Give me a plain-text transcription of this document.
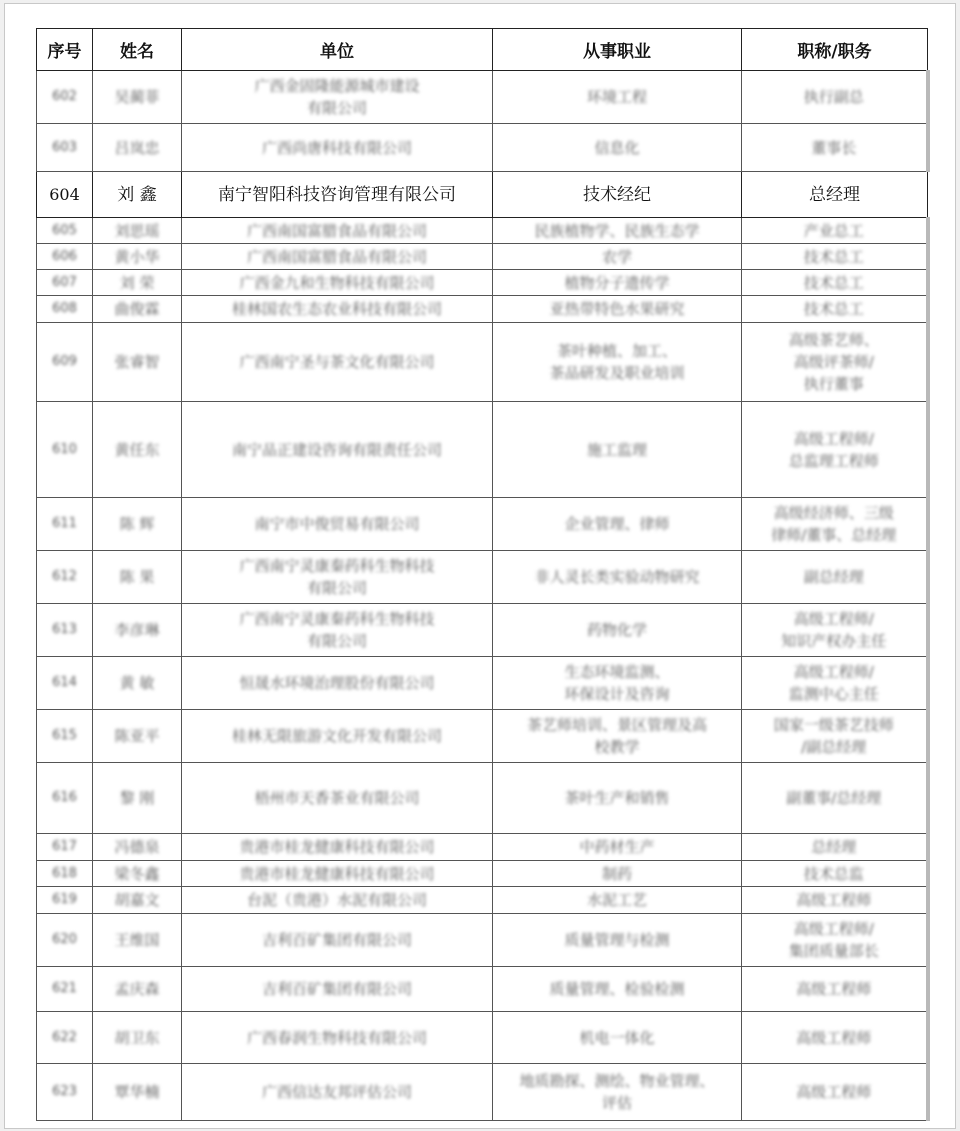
序号	姓名	单位	从事职业	职称/职务
602	吴蔺菲	广西金固隆能源城市建设
有限公司	环境工程	执行副总
603	吕岚忠	广西尚唐科技有限公司	信息化	董事长
604	刘 鑫	南宁智阳科技咨询管理有限公司	技术经纪	总经理
605	刘思瑶	广西南国富腊食品有限公司	民族植物学、民族生态学	产业总工
606	黄小华	广西南国富腊食品有限公司	农学	技术总工
607	刘 荣	广西金九和生物科技有限公司	植物分子遗传学	技术总工
608	曲俊霖	桂林国农生态农业科技有限公司	亚热带特色水果研究	技术总工
609	张睿智	广西南宁圣与茶文化有限公司	茶叶种植、加工、
茶品研发及职业培训	高级茶艺师、
高级评茶师/
执行董事
610	黄任东	南宁品正建设咨询有限责任公司	施工监理	高级工程师/
总监理工程师
611	陈 辉	南宁市中俊贸易有限公司	企业管理、律师	高级经济师、三级
律师/董事、总经理
612	陈 果	广西南宁灵康秦药科生物科技
有限公司	非人灵长类实验动物研究	副总经理
613	李彦琳	广西南宁灵康秦药科生物科技
有限公司	药物化学	高级工程师/
知识产权办主任
614	黄 敏	恒晟水环境治理股份有限公司	生态环境监测、
环保设计及咨询	高级工程师/
监测中心主任
615	陈亚平	桂林无限旅游文化开发有限公司	茶艺师培训、景区管理及高
校教学	国家一级茶艺技师
/副总经理
616	黎 刚	梧州市天香茶业有限公司	茶叶生产和销售	副董事/总经理
617	冯德泉	贵港市桂龙健康科技有限公司	中药材生产	总经理
618	梁冬鑫	贵港市桂龙健康科技有限公司	制药	技术总监
619	胡嘉文	台泥（贵港）水泥有限公司	水泥工艺	高级工程师
620	王维国	吉利百矿集团有限公司	质量管理与检测	高级工程师/
集团质量部长
621	孟庆森	吉利百矿集团有限公司	质量管理、检验检测	高级工程师
622	胡卫东	广西春润生物科技有限公司	机电一体化	高级工程师
623	覃华楠	广西信达友邦评估公司	地质勘探、测绘、物业管理、
评估	高级工程师
